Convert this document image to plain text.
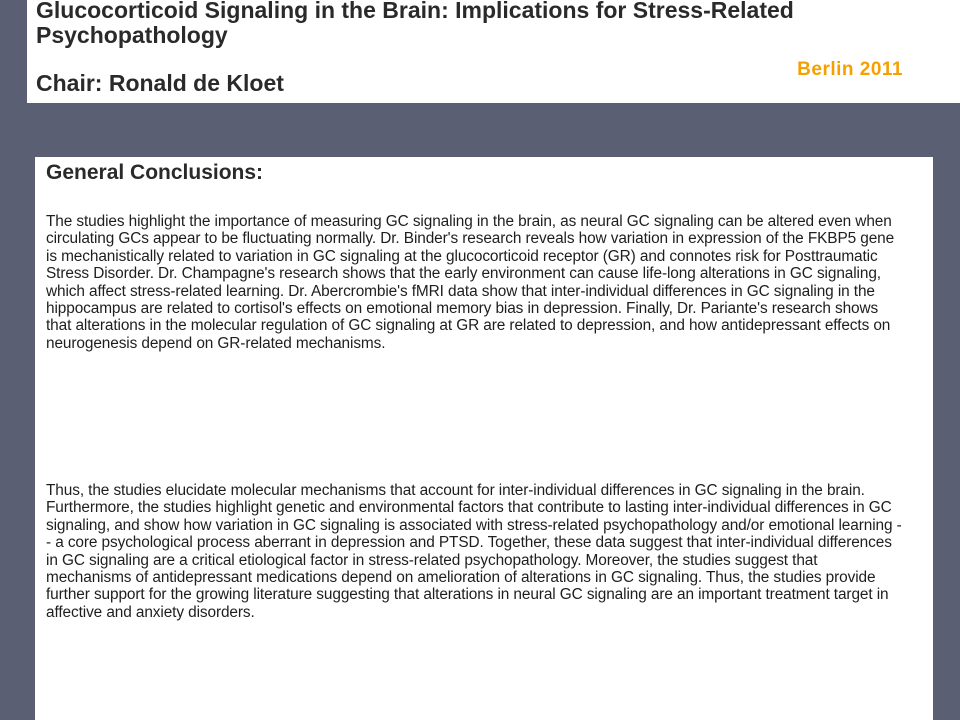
Glucocorticoid Signaling in the Brain: Implications for Stress-Related Psychopathology
Chair: Ronald de Kloet
Berlin 2011
General Conclusions:

The studies highlight the importance of measuring GC signaling in the brain, as neural GC signaling can be altered even when circulating GCs appear to be fluctuating normally. Dr. Binder's research reveals how variation in expression of the FKBP5 gene is mechanistically related to variation in GC signaling at the glucocorticoid receptor (GR) and connotes risk for Posttraumatic Stress Disorder. Dr. Champagne's research shows that the early environment can cause life-long alterations in GC signaling, which affect stress-related learning. Dr. Abercrombie's fMRI data show that inter-individual differences in GC signaling in the hippocampus are related to cortisol's effects on emotional memory bias in depression. Finally, Dr. Pariante's research shows that alterations in the molecular regulation of GC signaling at GR are related to depression, and how antidepressant effects on neurogenesis depend on GR-related mechanisms.

Thus, the studies elucidate molecular mechanisms that account for inter-individual differences in GC signaling in the brain. Furthermore, the studies highlight genetic and environmental factors that contribute to lasting inter-individual differences in GC signaling, and show how variation in GC signaling is associated with stress-related psychopathology and/or emotional learning -- a core psychological process aberrant in depression and PTSD. Together, these data suggest that inter-individual differences in GC signaling are a critical etiological factor in stress-related psychopathology. Moreover, the studies suggest that mechanisms of antidepressant medications depend on amelioration of alterations in GC signaling. Thus, the studies provide further support for the growing literature suggesting that alterations in neural GC signaling are an important treatment target in affective and anxiety disorders.
